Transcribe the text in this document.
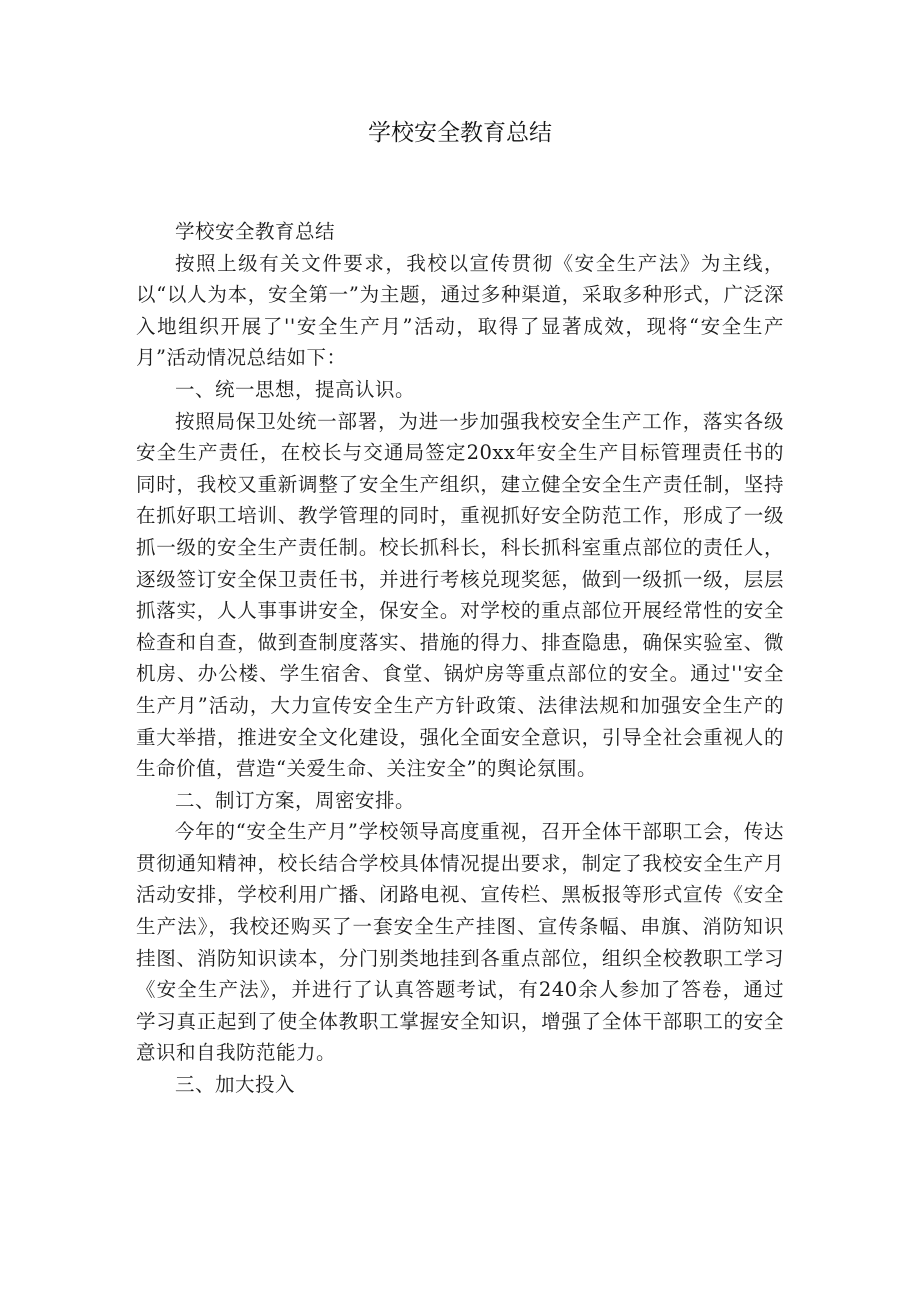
学校安全教育总结

学校安全教育总结

按照上级有关文件要求，我校以宣传贯彻《安全生产法》为主线，以“以人为本，安全第一”为主题，通过多种渠道，采取多种形式，广泛深入地组织开展了''安全生产月”活动，取得了显著成效，现将“安全生产月”活动情况总结如下：

一、统一思想，提高认识。

按照局保卫处统一部署，为进一步加强我校安全生产工作，落实各级安全生产责任，在校长与交通局签定20xx年安全生产目标管理责任书的同时，我校又重新调整了安全生产组织，建立健全安全生产责任制，坚持在抓好职工培训、教学管理的同时，重视抓好安全防范工作，形成了一级抓一级的安全生产责任制。校长抓科长，科长抓科室重点部位的责任人，逐级签订安全保卫责任书，并进行考核兑现奖惩，做到一级抓一级，层层抓落实，人人事事讲安全，保安全。对学校的重点部位开展经常性的安全检查和自查，做到查制度落实、措施的得力、排查隐患，确保实验室、微机房、办公楼、学生宿舍、食堂、锅炉房等重点部位的安全。通过''安全生产月”活动，大力宣传安全生产方针政策、法律法规和加强安全生产的重大举措，推进安全文化建设，强化全面安全意识，引导全社会重视人的生命价值，营造“关爱生命、关注安全”的舆论氛围。

二、制订方案，周密安排。

今年的“安全生产月”学校领导高度重视，召开全体干部职工会，传达贯彻通知精神，校长结合学校具体情况提出要求，制定了我校安全生产月活动安排，学校利用广播、闭路电视、宣传栏、黑板报等形式宣传《安全生产法》，我校还购买了一套安全生产挂图、宣传条幅、串旗、消防知识挂图、消防知识读本，分门别类地挂到各重点部位，组织全校教职工学习《安全生产法》，并进行了认真答题考试，有240余人参加了答卷，通过学习真正起到了使全体教职工掌握安全知识，增强了全体干部职工的安全意识和自我防范能力。

三、加大投入
